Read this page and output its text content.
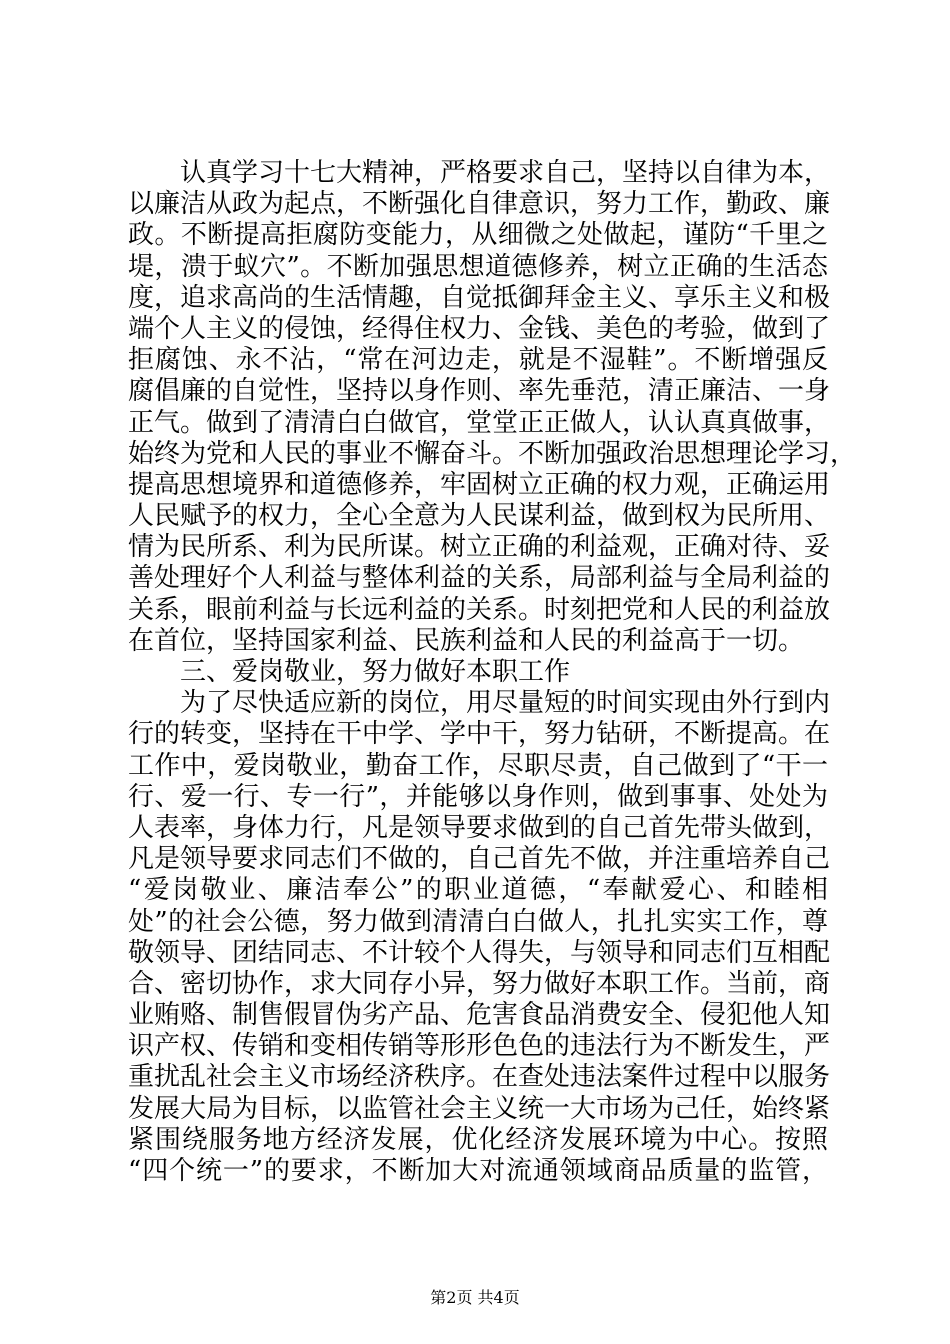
认真学习十七大精神，严格要求自己，坚持以自律为本，
以廉洁从政为起点，不断强化自律意识，努力工作，勤政、廉
政。不断提高拒腐防变能力，从细微之处做起，谨防“千里之
堤，溃于蚁穴”。不断加强思想道德修养，树立正确的生活态
度，追求高尚的生活情趣，自觉抵御拜金主义、享乐主义和极
端个人主义的侵蚀，经得住权力、金钱、美色的考验，做到了
拒腐蚀、永不沾，“常在河边走，就是不湿鞋”。不断增强反
腐倡廉的自觉性，坚持以身作则、率先垂范，清正廉洁、一身
正气。做到了清清白白做官，堂堂正正做人，认认真真做事，
始终为党和人民的事业不懈奋斗。不断加强政治思想理论学习，
提高思想境界和道德修养，牢固树立正确的权力观，正确运用
人民赋予的权力，全心全意为人民谋利益，做到权为民所用、
情为民所系、利为民所谋。树立正确的利益观，正确对待、妥
善处理好个人利益与整体利益的关系，局部利益与全局利益的
关系，眼前利益与长远利益的关系。时刻把党和人民的利益放
在首位，坚持国家利益、民族利益和人民的利益高于一切。
三、爱岗敬业，努力做好本职工作
为了尽快适应新的岗位，用尽量短的时间实现由外行到内
行的转变，坚持在干中学、学中干，努力钻研，不断提高。在
工作中，爱岗敬业，勤奋工作，尽职尽责，自己做到了“干一
行、爱一行、专一行”，并能够以身作则，做到事事、处处为
人表率，身体力行，凡是领导要求做到的自己首先带头做到，
凡是领导要求同志们不做的，自己首先不做，并注重培养自己
“爱岗敬业、廉洁奉公”的职业道德，“奉献爱心、和睦相
处”的社会公德，努力做到清清白白做人，扎扎实实工作，尊
敬领导、团结同志、不计较个人得失，与领导和同志们互相配
合、密切协作，求大同存小异，努力做好本职工作。当前，商
业贿赂、制售假冒伪劣产品、危害食品消费安全、侵犯他人知
识产权、传销和变相传销等形形色色的违法行为不断发生，严
重扰乱社会主义市场经济秩序。在查处违法案件过程中以服务
发展大局为目标，以监管社会主义统一大市场为己任，始终紧
紧围绕服务地方经济发展，优化经济发展环境为中心。按照
“四个统一”的要求，不断加大对流通领域商品质量的监管，
第2页 共4页
